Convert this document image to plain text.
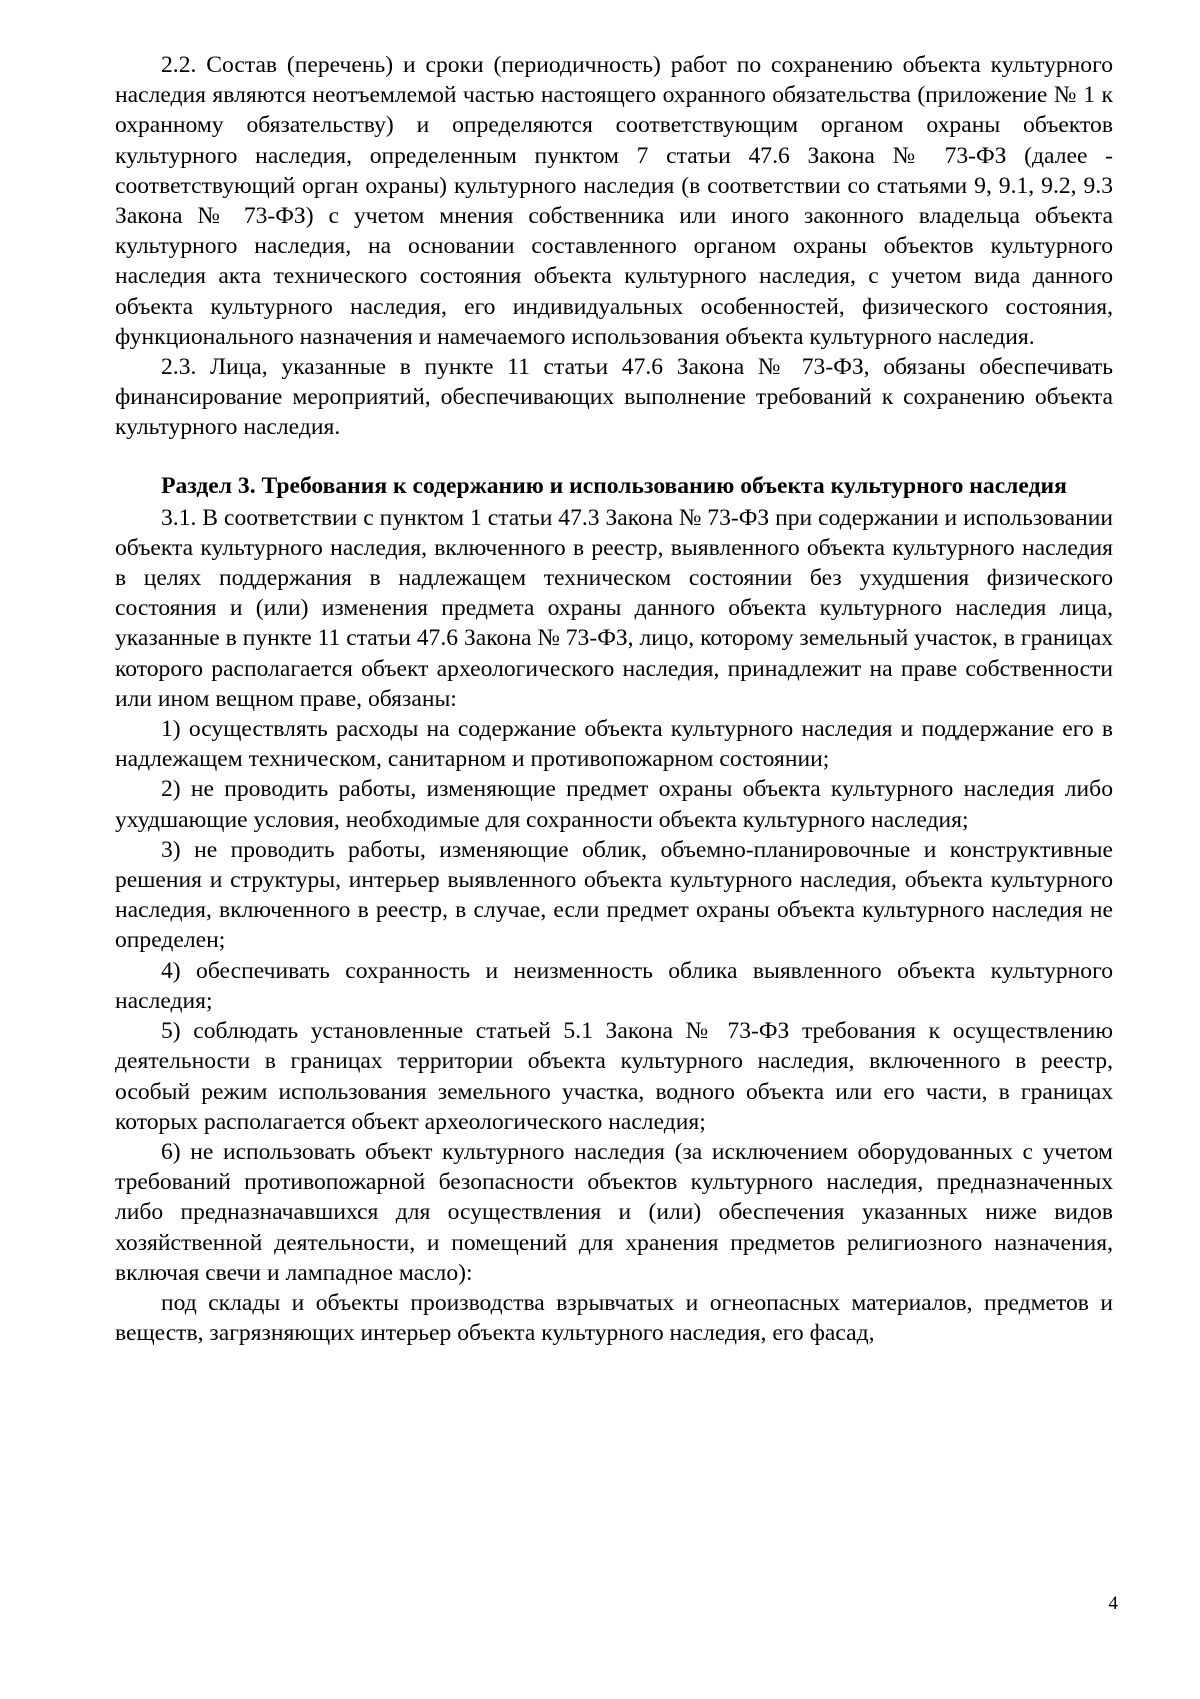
2.2. Состав (перечень) и сроки (периодичность) работ по сохранению объекта культурного наследия являются неотъемлемой частью настоящего охранного обязательства (приложение № 1 к охранному обязательству) и определяются соответствующим органом охраны объектов культурного наследия, определенным пунктом 7 статьи 47.6 Закона № 73-ФЗ (далее - соответствующий орган охраны) культурного наследия (в соответствии со статьями 9, 9.1, 9.2, 9.3 Закона № 73-ФЗ) с учетом мнения собственника или иного законного владельца объекта культурного наследия, на основании составленного органом охраны объектов культурного наследия акта технического состояния объекта культурного наследия, с учетом вида данного объекта культурного наследия, его индивидуальных особенностей, физического состояния, функционального назначения и намечаемого использования объекта культурного наследия.

2.3. Лица, указанные в пункте 11 статьи 47.6 Закона № 73-ФЗ, обязаны обеспечивать финансирование мероприятий, обеспечивающих выполнение требований к сохранению объекта культурного наследия.

Раздел 3. Требования к содержанию и использованию объекта культурного наследия

3.1. В соответствии с пунктом 1 статьи 47.3 Закона № 73-ФЗ при содержании и использовании объекта культурного наследия, включенного в реестр, выявленного объекта культурного наследия в целях поддержания в надлежащем техническом состоянии без ухудшения физического состояния и (или) изменения предмета охраны данного объекта культурного наследия лица, указанные в пункте 11 статьи 47.6 Закона № 73-ФЗ, лицо, которому земельный участок, в границах которого располагается объект археологического наследия, принадлежит на праве собственности или ином вещном праве, обязаны:

1) осуществлять расходы на содержание объекта культурного наследия и поддержание его в надлежащем техническом, санитарном и противопожарном состоянии;

2) не проводить работы, изменяющие предмет охраны объекта культурного наследия либо ухудшающие условия, необходимые для сохранности объекта культурного наследия;

3) не проводить работы, изменяющие облик, объемно-планировочные и конструктивные решения и структуры, интерьер выявленного объекта культурного наследия, объекта культурного наследия, включенного в реестр, в случае, если предмет охраны объекта культурного наследия не определен;

4) обеспечивать сохранность и неизменность облика выявленного объекта культурного наследия;

5) соблюдать установленные статьей 5.1 Закона № 73-ФЗ требования к осуществлению деятельности в границах территории объекта культурного наследия, включенного в реестр, особый режим использования земельного участка, водного объекта или его части, в границах которых располагается объект археологического наследия;

6) не использовать объект культурного наследия (за исключением оборудованных с учетом требований противопожарной безопасности объектов культурного наследия, предназначенных либо предназначавшихся для осуществления и (или) обеспечения указанных ниже видов хозяйственной деятельности, и помещений для хранения предметов религиозного назначения, включая свечи и лампадное масло):

под склады и объекты производства взрывчатых и огнеопасных материалов, предметов и веществ, загрязняющих интерьер объекта культурного наследия, его фасад,

4
